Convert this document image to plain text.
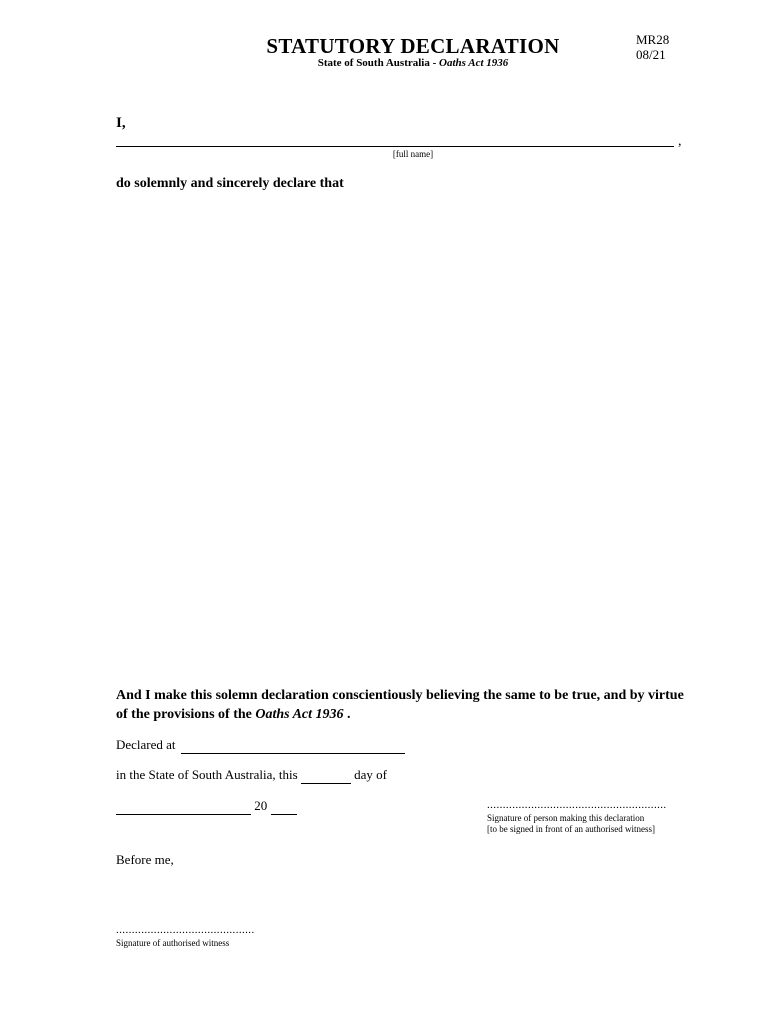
STATUTORY DECLARATION
State of South Australia - Oaths Act 1936
MR28
08/21
I,
,
[full name]
do solemnly and sincerely declare that
And I make this solemn declaration conscientiously believing the same to be true, and by virtue of the provisions of the Oaths Act 1936 .
Declared at
in the State of South Australia, this	day of
20	.........................................................
Signature of person making this declaration
[to be signed in front of an authorised witness]
Before me,
............................................
Signature of authorised witness
